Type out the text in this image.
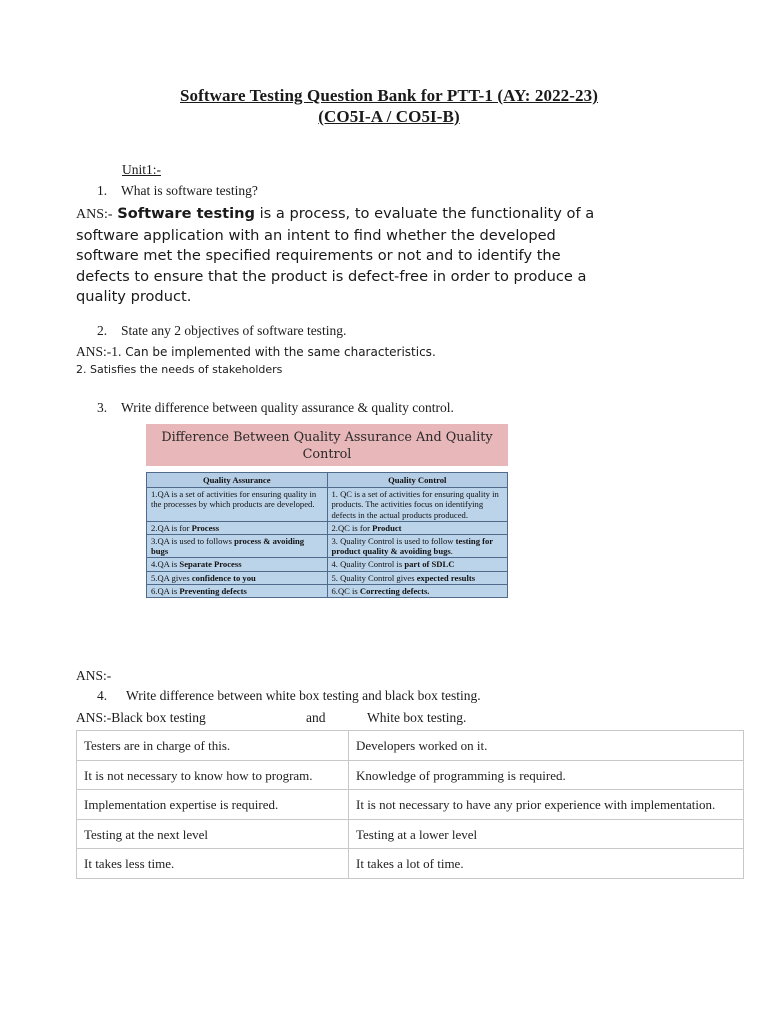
Software Testing Question Bank for PTT-1 (AY: 2022-23)
(CO5I-A / CO5I-B)
Unit1:-
1. What is software testing?
ANS:- Software testing is a process, to evaluate the functionality of a software application with an intent to find whether the developed software met the specified requirements or not and to identify the defects to ensure that the product is defect-free in order to produce a quality product.
2. State any 2 objectives of software testing.
ANS:-1. Can be implemented with the same characteristics.
2. Satisfies the needs of stakeholders
3. Write difference between quality assurance & quality control.
Difference Between Quality Assurance And Quality
Control
Quality Assurance	Quality Control
1.QA is a set of activities for ensuring quality in the processes by which products are developed.	1. QC is a set of activities for ensuring quality in products. The activities focus on identifying defects in the actual products produced.
2.QA is for Process	2.QC is for Product
3.QA is used to follows process & avoiding bugs	3. Quality Control is used to follow testing for product quality & avoiding bugs.
4.QA is Separate Process	4. Quality Control is part of SDLC
5.QA gives confidence to you	5. Quality Control gives expected results
6.QA is Preventing defects	6.QC is Correcting defects.
ANS:-
4. Write difference between white box testing and black box testing.
ANS:-Black box testing	and	White box testing.
Testers are in charge of this.	Developers worked on it.
It is not necessary to know how to program.	Knowledge of programming is required.
Implementation expertise is required.	It is not necessary to have any prior experience with implementation.
Testing at the next level	Testing at a lower level
It takes less time.	It takes a lot of time.
